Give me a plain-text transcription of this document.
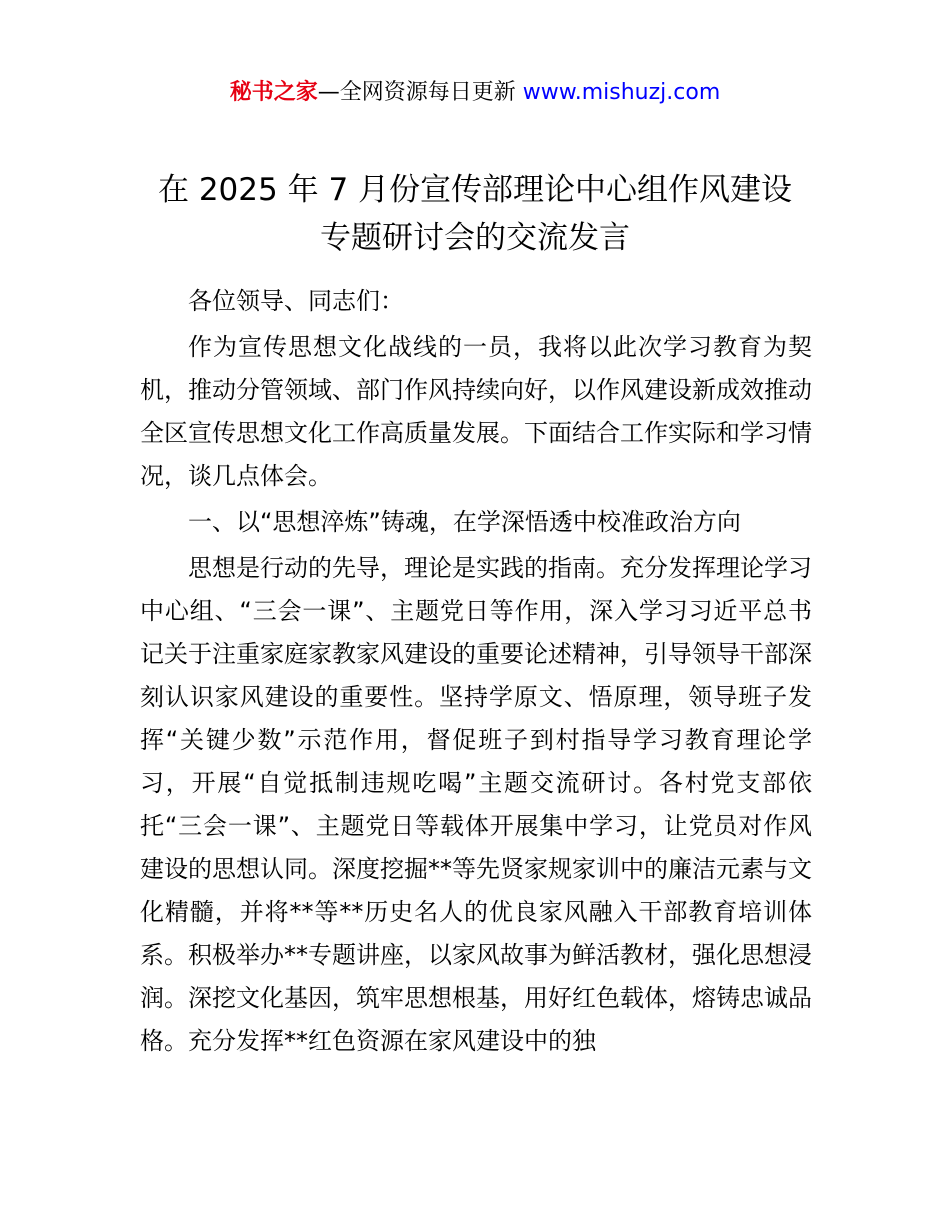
秘书之家—全网资源每日更新 www.mishuzj.com
在 2025 年 7 月份宣传部理论中心组作风建设
专题研讨会的交流发言

各位领导、同志们：

作为宣传思想文化战线的一员，我将以此次学习教育为契机，推动分管领域、部门作风持续向好，以作风建设新成效推动全区宣传思想文化工作高质量发展。下面结合工作实际和学习情况，谈几点体会。

一、以“思想淬炼”铸魂，在学深悟透中校准政治方向

思想是行动的先导，理论是实践的指南。充分发挥理论学习中心组、“三会一课”、主题党日等作用，深入学习习近平总书记关于注重家庭家教家风建设的重要论述精神，引导领导干部深刻认识家风建设的重要性。坚持学原文、悟原理，领导班子发挥“关键少数”示范作用，督促班子到村指导学习教育理论学习，开展“自觉抵制违规吃喝”主题交流研讨。各村党支部依托“三会一课”、主题党日等载体开展集中学习，让党员对作风建设的思想认同。深度挖掘**等先贤家规家训中的廉洁元素与文化精髓，并将**等**历史名人的优良家风融入干部教育培训体系。积极举办**专题讲座，以家风故事为鲜活教材，强化思想浸润。深挖文化基因，筑牢思想根基，用好红色载体，熔铸忠诚品格。充分发挥**红色资源在家风建设中的独
